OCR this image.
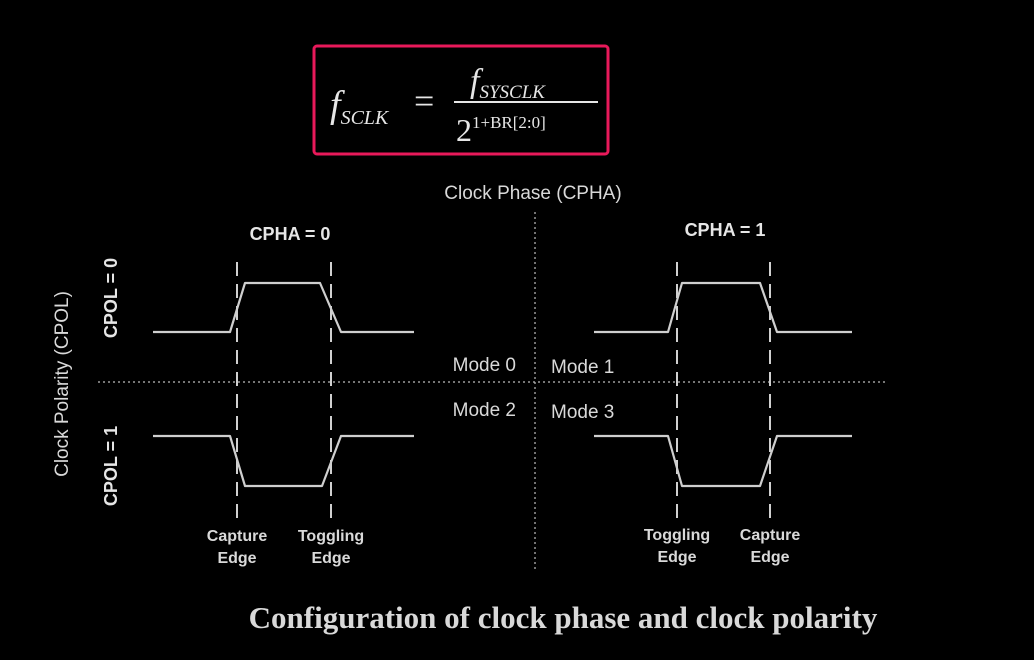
fSCLK = fSYSCLK
$2^{1+BR[2:0]}$
Clock Phase (CPHA)
CPHA = 0	CPHA = 1
Clock Polarity (CPOL) CPOL = 0
CPOL = 1
Mode 0 Mode 1
Mode 2 Mode 3
Capture
Edge
Toggling
Edge
Toggling
Edge
Capture
Edge
Configuration of clock phase and clock polarity
